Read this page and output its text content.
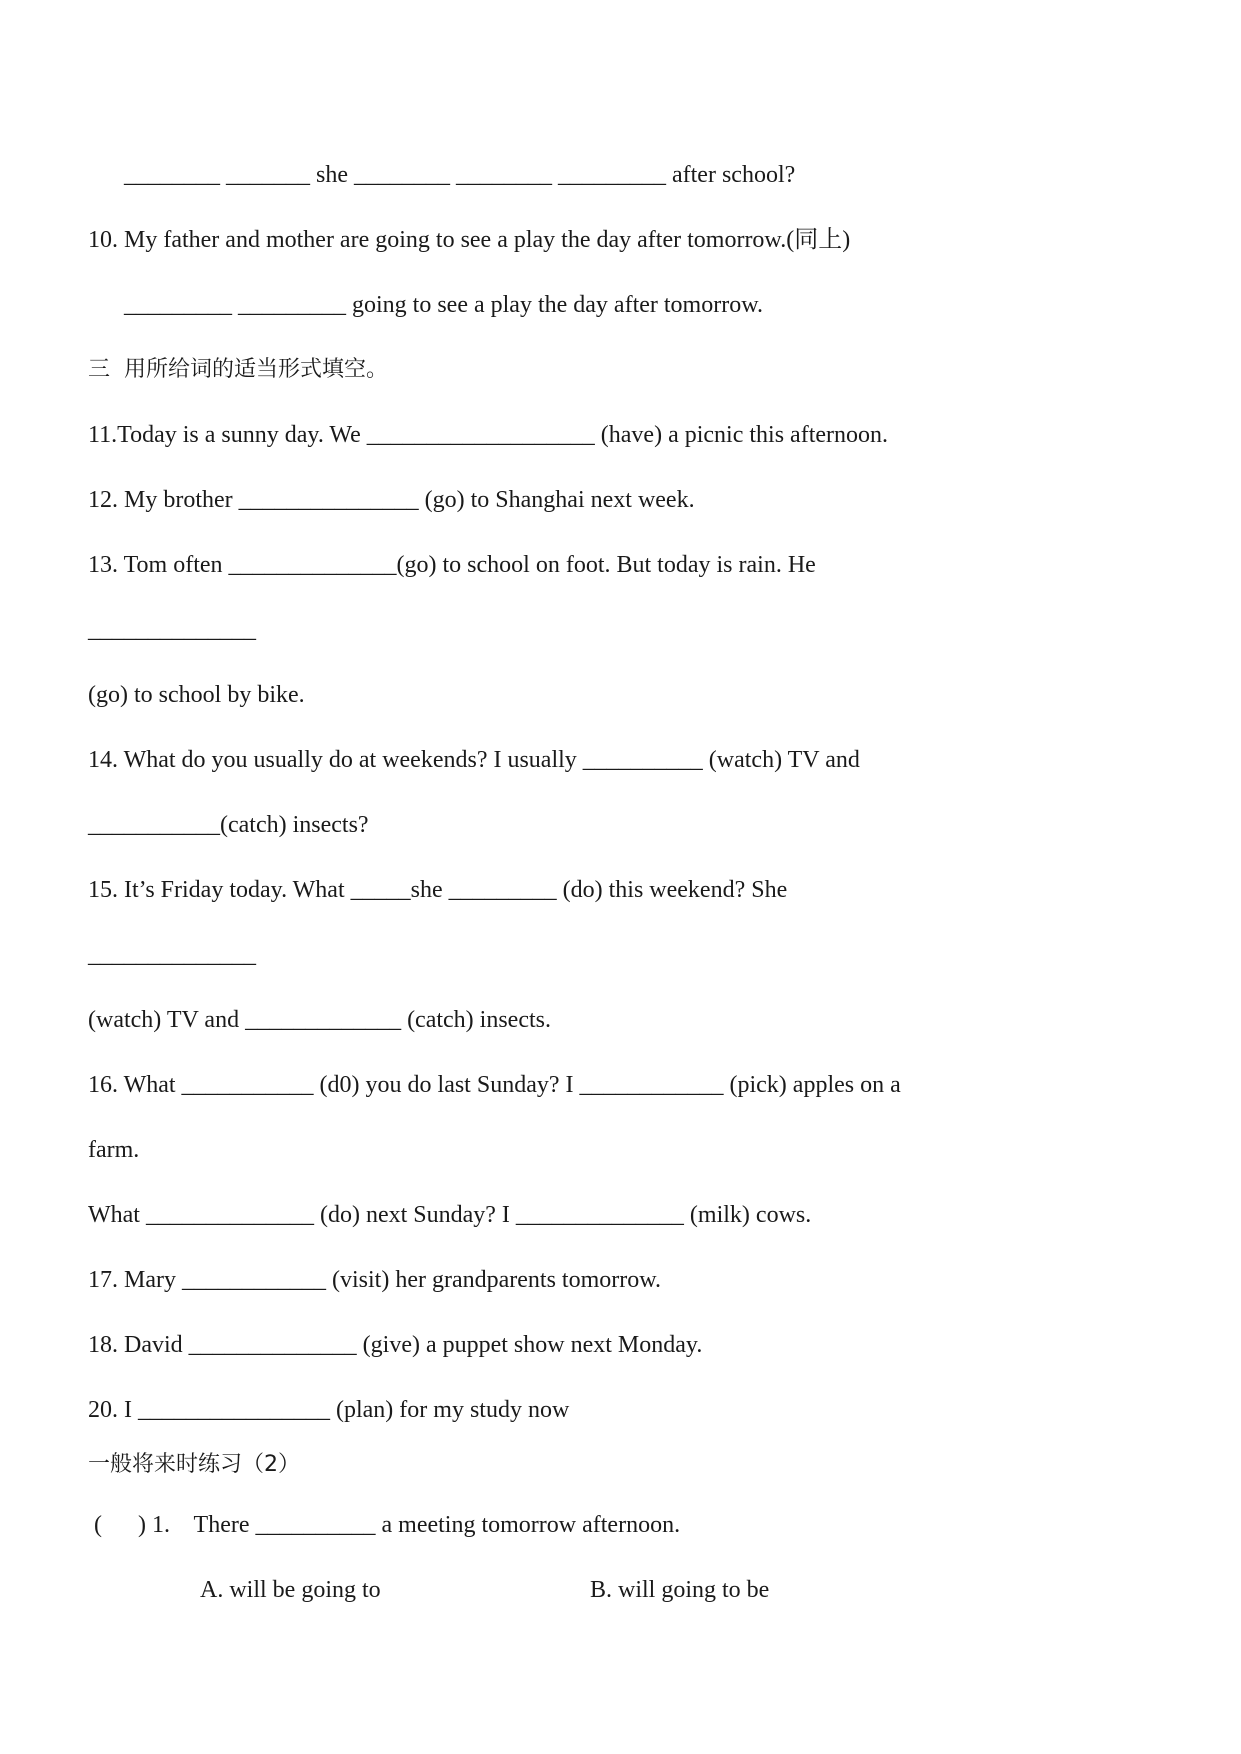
________ _______ she ________ ________ _________ after school?
10. My father and mother are going to see a play the day after tomorrow.(同上)
_________ _________ going to see a play the day after tomorrow.
三  用所给词的适当形式填空。
11.Today is a sunny day. We ___________________ (have) a picnic this afternoon.
12. My brother _______________ (go) to Shanghai next week.
13. Tom often ______________(go) to school on foot. But today is rain. He
______________
(go) to school by bike.
14. What do you usually do at weekends? I usually __________ (watch) TV and
___________(catch) insects?
15. It’s Friday today. What _____she _________ (do) this weekend? She
______________
(watch) TV and _____________ (catch) insects.
16. What ___________ (d0) you do last Sunday? I ____________ (pick) apples on a
farm.
What ______________ (do) next Sunday? I ______________ (milk) cows.
17. Mary ____________ (visit) her grandparents tomorrow.
18. David ______________ (give) a puppet show next Monday.
20. I ________________ (plan) for my study now
一般将来时练习（2）
(      ) 1.    There __________ a meeting tomorrow afternoon.
A. will be going to	B. will going to be
